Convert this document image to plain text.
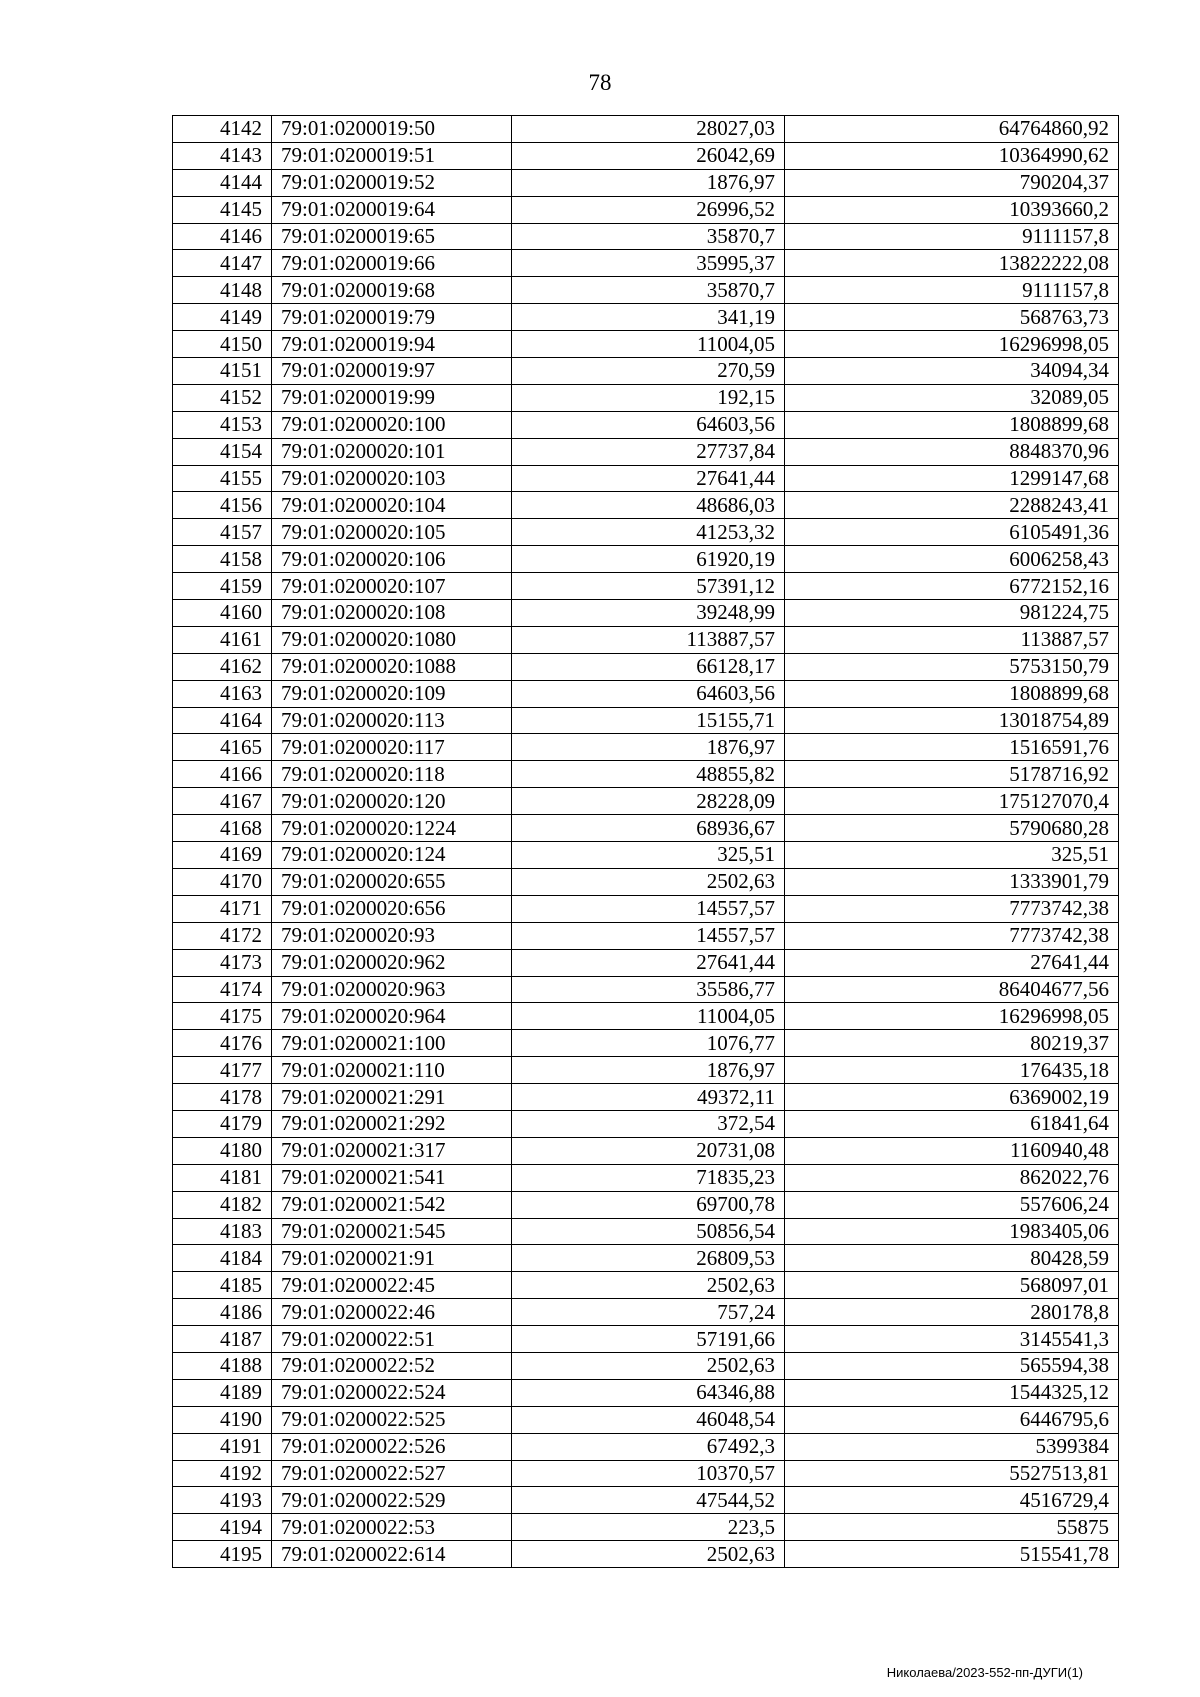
78
4142	79:01:0200019:50	28027,03	64764860,92
4143	79:01:0200019:51	26042,69	10364990,62
4144	79:01:0200019:52	1876,97	790204,37
4145	79:01:0200019:64	26996,52	10393660,2
4146	79:01:0200019:65	35870,7	9111157,8
4147	79:01:0200019:66	35995,37	13822222,08
4148	79:01:0200019:68	35870,7	9111157,8
4149	79:01:0200019:79	341,19	568763,73
4150	79:01:0200019:94	11004,05	16296998,05
4151	79:01:0200019:97	270,59	34094,34
4152	79:01:0200019:99	192,15	32089,05
4153	79:01:0200020:100	64603,56	1808899,68
4154	79:01:0200020:101	27737,84	8848370,96
4155	79:01:0200020:103	27641,44	1299147,68
4156	79:01:0200020:104	48686,03	2288243,41
4157	79:01:0200020:105	41253,32	6105491,36
4158	79:01:0200020:106	61920,19	6006258,43
4159	79:01:0200020:107	57391,12	6772152,16
4160	79:01:0200020:108	39248,99	981224,75
4161	79:01:0200020:1080	113887,57	113887,57
4162	79:01:0200020:1088	66128,17	5753150,79
4163	79:01:0200020:109	64603,56	1808899,68
4164	79:01:0200020:113	15155,71	13018754,89
4165	79:01:0200020:117	1876,97	1516591,76
4166	79:01:0200020:118	48855,82	5178716,92
4167	79:01:0200020:120	28228,09	175127070,4
4168	79:01:0200020:1224	68936,67	5790680,28
4169	79:01:0200020:124	325,51	325,51
4170	79:01:0200020:655	2502,63	1333901,79
4171	79:01:0200020:656	14557,57	7773742,38
4172	79:01:0200020:93	14557,57	7773742,38
4173	79:01:0200020:962	27641,44	27641,44
4174	79:01:0200020:963	35586,77	86404677,56
4175	79:01:0200020:964	11004,05	16296998,05
4176	79:01:0200021:100	1076,77	80219,37
4177	79:01:0200021:110	1876,97	176435,18
4178	79:01:0200021:291	49372,11	6369002,19
4179	79:01:0200021:292	372,54	61841,64
4180	79:01:0200021:317	20731,08	1160940,48
4181	79:01:0200021:541	71835,23	862022,76
4182	79:01:0200021:542	69700,78	557606,24
4183	79:01:0200021:545	50856,54	1983405,06
4184	79:01:0200021:91	26809,53	80428,59
4185	79:01:0200022:45	2502,63	568097,01
4186	79:01:0200022:46	757,24	280178,8
4187	79:01:0200022:51	57191,66	3145541,3
4188	79:01:0200022:52	2502,63	565594,38
4189	79:01:0200022:524	64346,88	1544325,12
4190	79:01:0200022:525	46048,54	6446795,6
4191	79:01:0200022:526	67492,3	5399384
4192	79:01:0200022:527	10370,57	5527513,81
4193	79:01:0200022:529	47544,52	4516729,4
4194	79:01:0200022:53	223,5	55875
4195	79:01:0200022:614	2502,63	515541,78
Николаева/2023-552-пп-ДУГИ(1)
